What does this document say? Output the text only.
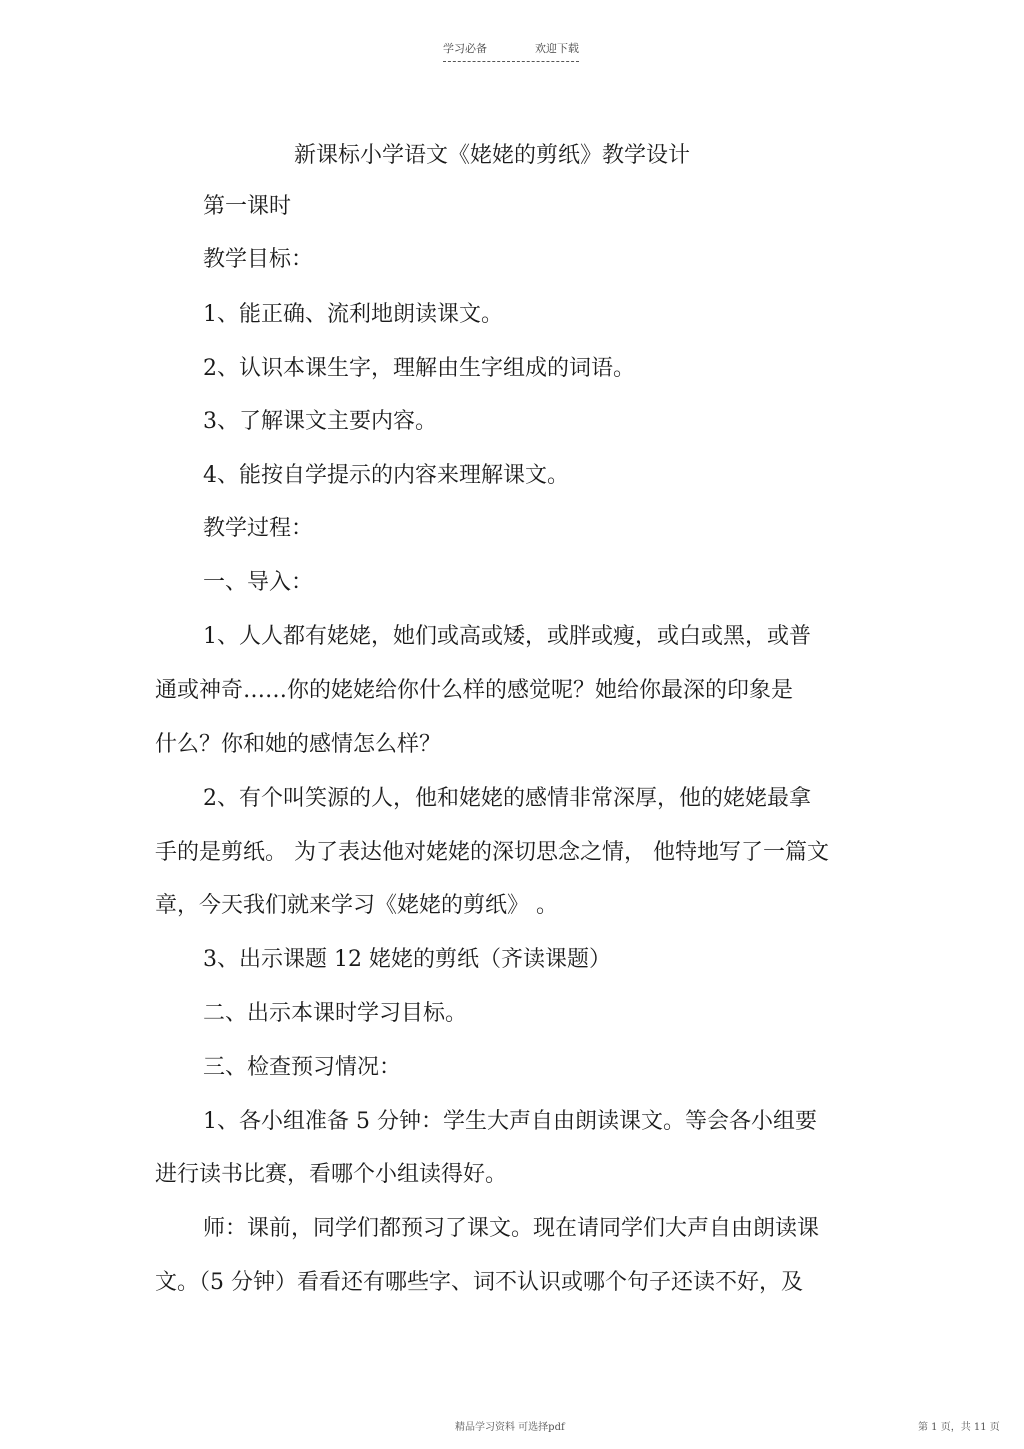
学习必备	欢迎下载
新课标小学语文《姥姥的剪纸》教学设计
第一课时
教学目标：
1、能正确、流利地朗读课文。
2、认识本课生字，理解由生字组成的词语。
3、了解课文主要内容。
4、能按自学提示的内容来理解课文。
教学过程：
一、导入：
1、人人都有姥姥，她们或高或矮，或胖或瘦，或白或黑，或普
通或神奇……你的姥姥给你什么样的感觉呢？她给你最深的印象是
什么？你和她的感情怎么样？
2、有个叫笑源的人，他和姥姥的感情非常深厚，他的姥姥最拿
手的是剪纸。 为了表达他对姥姥的深切思念之情， 他特地写了一篇文
章，今天我们就来学习《姥姥的剪纸》 。
3、出示课题 12 姥姥的剪纸（齐读课题）
二、出示本课时学习目标。
三、检查预习情况：
1、各小组准备 5 分钟：学生大声自由朗读课文。等会各小组要
进行读书比赛，看哪个小组读得好。
师：课前，同学们都预习了课文。现在请同学们大声自由朗读课
文。（5 分钟）看看还有哪些字、词不认识或哪个句子还读不好，及
精品学习资料 可选择pdf	第 1 页，共 11 页
